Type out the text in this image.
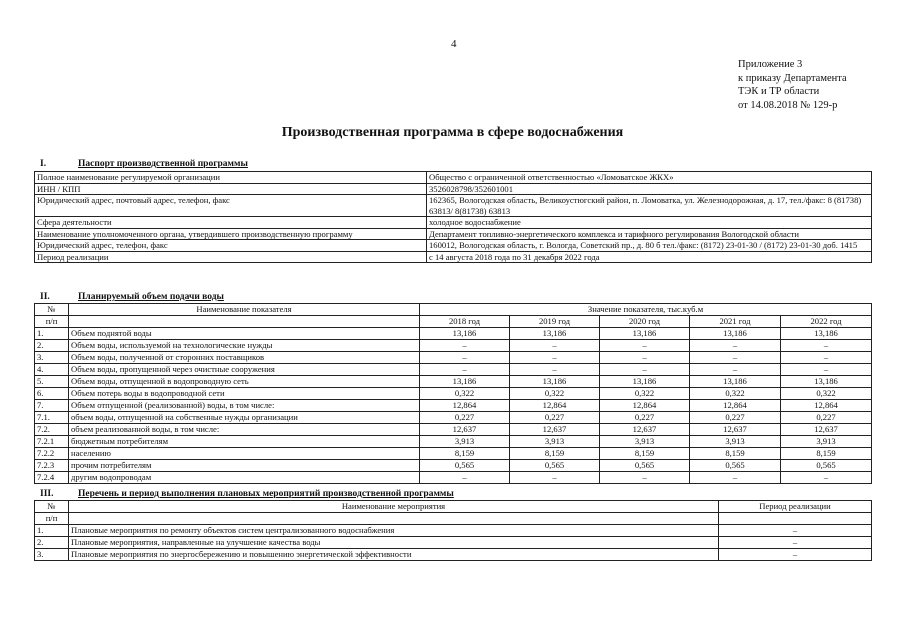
4
Приложение 3
к приказу Департамента
ТЭК и ТР области
от 14.08.2018 № 129-р
Производственная программа в сфере водоснабжения
I.	Паспорт производственной программы
Полное наименование регулируемой организации	Общество с ограниченной ответственностью «Ломоватское ЖКХ»
ИНН / КПП	3526028798/352601001
Юридический адрес, почтовый адрес, телефон, факс	162365, Вологодская область, Великоустюгский район, п. Ломоватка, ул. Железнодорожная, д. 17, тел./факс: 8 (81738) 63813/ 8(81738) 63813
Сфера деятельности	холодное водоснабжение
Наименование уполномоченного органа, утвердившего производственную программу	Департамент топливно-энергетического комплекса и тарифного регулирования Вологодской области
Юридический адрес, телефон, факс	160012, Вологодская область, г. Вологда, Советский пр., д. 80 б тел./факс: (8172) 23-01-30 / (8172) 23-01-30 доб. 1415
Период реализации	с 14 августа 2018 года по 31 декабря 2022 года
II.	Планируемый объем подачи воды
№	Наименование показателя	Значение показателя, тыс.куб.м				
п/п		2018 год	2019 год	2020 год	2021 год	2022 год
1.	Объем поднятой воды	13,186	13,186	13,186	13,186	13,186
2.	Объем воды, используемой на технологические нужды	–	–	–	–	–
3.	Объем воды, полученной от сторонних поставщиков	–	–	–	–	–
4.	Объем воды, пропущенной через очистные сооружения	–	–	–	–	–
5.	Объем воды, отпущенной в водопроводную сеть	13,186	13,186	13,186	13,186	13,186
6.	Объем потерь воды в водопроводной сети	0,322	0,322	0,322	0,322	0,322
7.	Объем отпущенной (реализованной) воды, в том числе:	12,864	12,864	12,864	12,864	12,864
7.1.	объем воды, отпущенной на собственные нужды организации	0,227	0,227	0,227	0,227	0,227
7.2.	объем реализованной воды, в том числе:	12,637	12,637	12,637	12,637	12,637
7.2.1	бюджетным потребителям	3,913	3,913	3,913	3,913	3,913
7.2.2	населению	8,159	8,159	8,159	8,159	8,159
7.2.3	прочим потребителям	0,565	0,565	0,565	0,565	0,565
7.2.4	другим водопроводам	–	–	–	–	–
III.	Перечень и период выполнения плановых мероприятий производственной программы
№	Наименование мероприятия	Период реализации
п/п		
1.	Плановые мероприятия по ремонту объектов систем централизованного водоснабжения	–
2.	Плановые мероприятия, направленные на улучшение качества воды	–
3.	Плановые мероприятия по энергосбережению и повышению энергетической эффективности	–
